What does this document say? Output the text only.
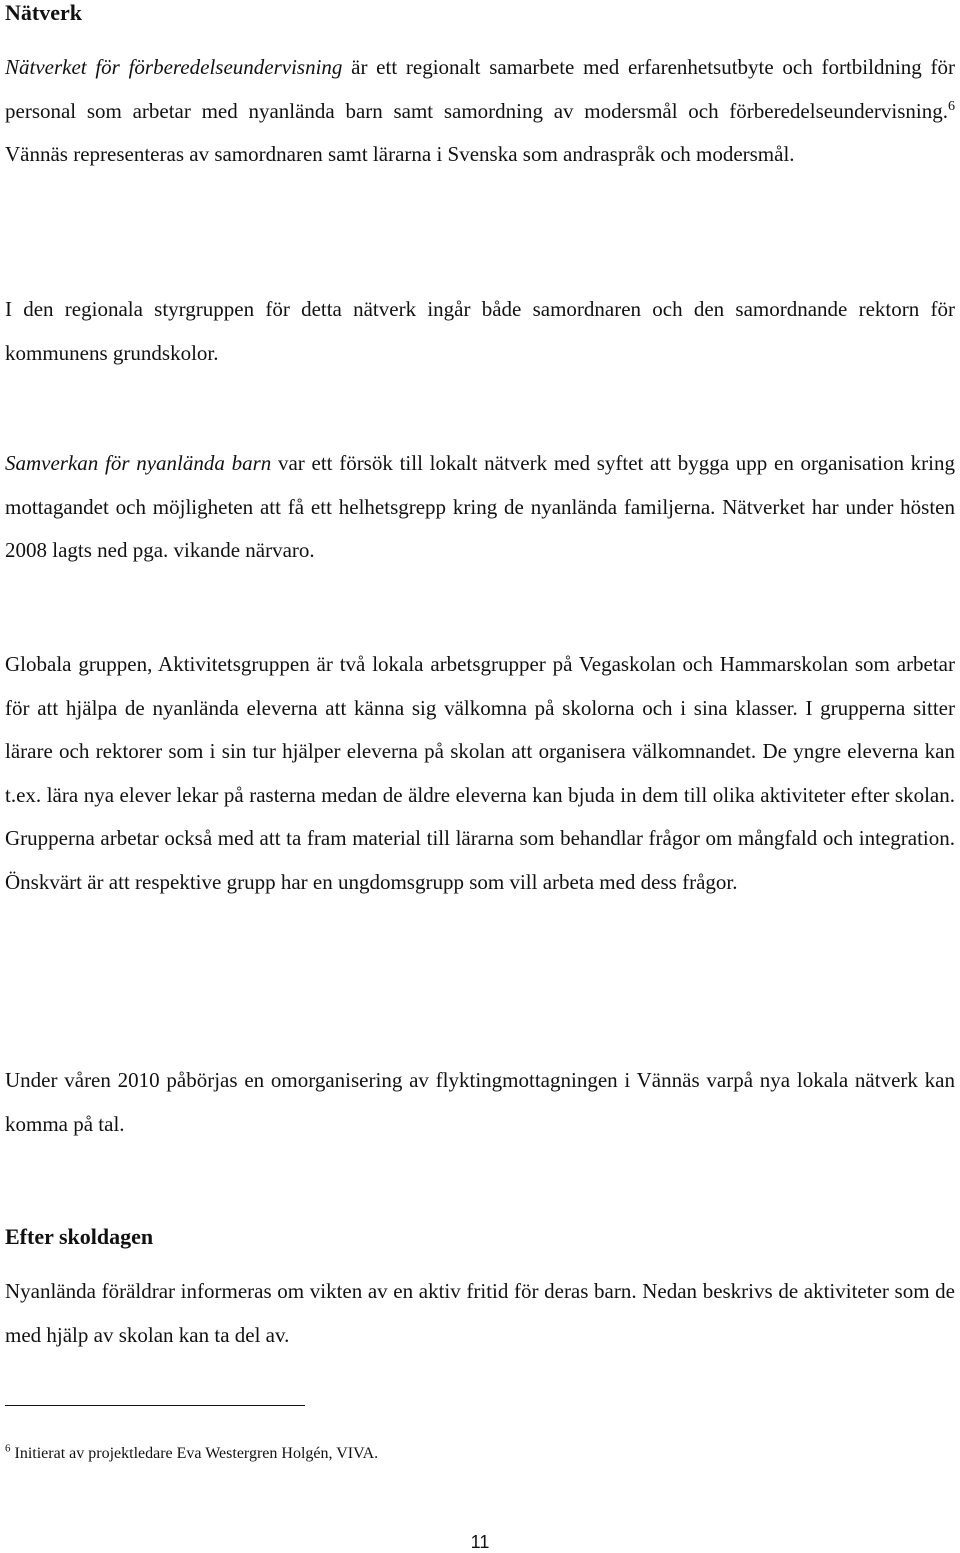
Nätverk

Nätverket för förberedelseundervisning är ett regionalt samarbete med erfarenhetsutbyte och fortbildning för personal som arbetar med nyanlända barn samt samordning av modersmål och förberedelseundervisning.$^6$ Vännäs representeras av samordnaren samt lärarna i Svenska som andraspråk och modersmål.

I den regionala styrgruppen för detta nätverk ingår både samordnaren och den samordnande rektorn för kommunens grundskolor.

Samverkan för nyanlända barn var ett försök till lokalt nätverk med syftet att bygga upp en organisation kring mottagandet och möjligheten att få ett helhetsgrepp kring de nyanlända familjerna. Nätverket har under hösten 2008 lagts ned pga. vikande närvaro.

Globala gruppen, Aktivitetsgruppen är två lokala arbetsgrupper på Vegaskolan och Hammarskolan som arbetar för att hjälpa de nyanlända eleverna att känna sig välkomna på skolorna och i sina klasser. I grupperna sitter lärare och rektorer som i sin tur hjälper eleverna på skolan att organisera välkomnandet. De yngre eleverna kan t.ex. lära nya elever lekar på rasterna medan de äldre eleverna kan bjuda in dem till olika aktiviteter efter skolan. Grupperna arbetar också med att ta fram material till lärarna som behandlar frågor om mångfald och integration. Önskvärt är att respektive grupp har en ungdomsgrupp som vill arbeta med dess frågor.

Under våren 2010 påbörjas en omorganisering av flyktingmottagningen i Vännäs varpå nya lokala nätverk kan komma på tal.

Efter skoldagen

Nyanlända föräldrar informeras om vikten av en aktiv fritid för deras barn. Nedan beskrivs de aktiviteter som de med hjälp av skolan kan ta del av.

$^6$ Initierat av projektledare Eva Westergren Holgén, VIVA.

11
